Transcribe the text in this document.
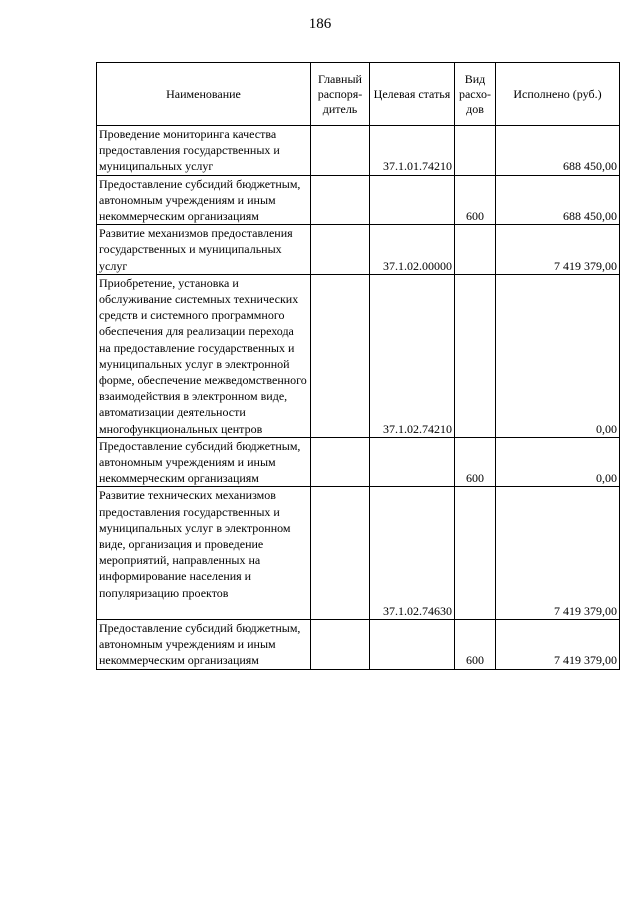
186
Наименование	Главный распоря-дитель	Целевая статья	Вид расхо-дов	Исполнено (руб.)
Проведение мониторинга качества предоставления государственных и муниципальных услуг		37.1.01.74210		688 450,00
Предоставление субсидий бюджетным, автономным учреждениям и иным некоммерческим организациям			600	688 450,00
Развитие механизмов предоставления государственных и муниципальных услуг		37.1.02.00000		7 419 379,00
Приобретение, установка и обслуживание системных технических средств и системного программного обеспечения для реализации перехода на предоставление государственных и муниципальных услуг в электронной форме, обеспечение межведомственного взаимодействия в электронном виде, автоматизации деятельности многофункциональных центров		37.1.02.74210		0,00
Предоставление субсидий бюджетным, автономным учреждениям и иным некоммерческим организациям			600	0,00
Развитие технических механизмов предоставления государственных и муниципальных услуг в электронном виде, организация и проведение мероприятий, направленных на информирование населения и популяризацию проектов		37.1.02.74630		7 419 379,00
Предоставление субсидий бюджетным, автономным учреждениям и иным некоммерческим организациям			600	7 419 379,00
